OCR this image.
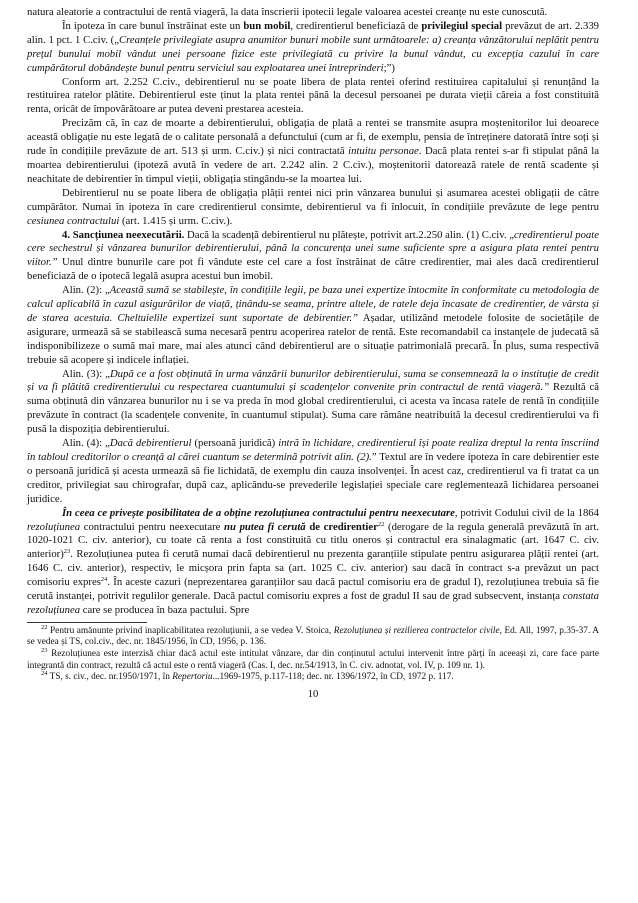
natura aleatorie a contractului de rentă viageră, la data înscrierii ipotecii legale valoarea acestei creanțe nu este cunoscută.

În ipoteza în care bunul înstrăinat este un bun mobil, credirentierul beneficiază de privilegiul special prevăzut de art. 2.339 alin. 1 pct. 1 C.civ. („Creanțele privilegiate asupra anumitor bunuri mobile sunt următoarele: a) creanța vânzătorului neplătit pentru prețul bunului mobil vândut unei persoane fizice este privilegiată cu privire la bunul vândut, cu excepția cazului în care cumpărătorul dobândește bunul pentru serviciul sau exploatarea unei întreprinderi;”)

Conform art. 2.252 C.civ., debirentierul nu se poate libera de plata rentei oferind restituirea capitalului și renunțând la restituirea ratelor plătite. Debirentierul este ținut la plata rentei până la decesul persoanei pe durata vieții căreia a fost constituită renta, oricât de împovărătoare ar putea deveni prestarea acesteia.

Precizăm că, în caz de moarte a debirentierului, obligația de plată a rentei se transmite asupra moștenitorilor lui deoarece această obligație nu este legată de o calitate personală a defunctului (cum ar fi, de exemplu, pensia de întreținere datorată între soți și rude în condițiile prevăzute de art. 513 și urm. C.civ.) și nici contractată intuitu personae. Dacă plata rentei s-ar fi stipulat până la moartea debirentierului (ipoteză avută în vedere de art. 2.242 alin. 2 C.civ.), moștenitorii datorează ratele de rentă scadente și neachitate de debirentier în timpul vieții, obligația stingându-se la moartea lui.

Debirentierul nu se poate libera de obligația plății rentei nici prin vânzarea bunului și asumarea acestei obligații de către cumpărător. Numai în ipoteza în care credirentierul consimte, debirentierul va fi înlocuit, în condițiile prevăzute de lege pentru cesiunea contractului (art. 1.415 și urm. C.civ.).

4. Sancțiunea neexecutării. Dacă la scadență debirentierul nu plătește, potrivit art.2.250 alin. (1) C.civ. „credirentierul poate cere sechestrul și vânzarea bunurilor debirentierului, până la concurența unei sume suficiente spre a asigura plata rentei pentru viitor.” Unul dintre bunurile care pot fi vândute este cel care a fost înstrăinat de către credirentier, mai ales dacă credirentierul beneficiază de o ipotecă legală asupra acestui bun imobil.

Alin. (2): „Această sumă se stabilește, în condițiile legii, pe baza unei expertize întocmite în conformitate cu metodologia de calcul aplicabilă în cazul asigurărilor de viață, ținându-se seama, printre altele, de ratele deja încasate de credirentier, de vârsta și de starea acestuia. Cheltuielile expertizei sunt suportate de debirentier.” Așadar, utilizând metodele folosite de societățile de asigurare, urmează să se stabilească suma necesară pentru acoperirea ratelor de rentă. Este recomandabil ca instanțele de judecată să indisponibilizeze o sumă mai mare, mai ales atunci când debirentierul are o situație patrimonială precară. În plus, suma respectivă trebuie să acopere și indicele inflației.

Alin. (3): „După ce a fost obținută în urma vânzării bunurilor debirentierului, suma se consemnează la o instituție de credit și va fi plătită credirentierului cu respectarea cuantumului și scadențelor convenite prin contractul de rentă viageră.” Rezultă că suma obținută din vânzarea bunurilor nu i se va preda în mod global credirentierului, ci acesta va încasa ratele de rentă în condițiile prevăzute în contract (la scadențele convenite, în cuantumul stipulat). Suma care rămâne neatribuită la decesul credirentierului va fi pusă la dispoziția debirentierului.

Alin. (4): „Dacă debirentierul (persoană juridică) intră în lichidare, credirentierul își poate realiza dreptul la renta înscriind în tabloul creditorilor o creanță al cărei cuantum se determină potrivit alin. (2).” Textul are în vedere ipoteza în care debirentier este o persoană juridică și acesta urmează să fie lichidată, de exemplu din cauza insolvenței. În acest caz, credirentierul va fi tratat ca un creditor, privilegiat sau chirografar, după caz, aplicându-se prevederile legislației speciale care reglementează lichidarea persoanei juridice.

În ceea ce privește posibilitatea de a obține rezoluțiunea contractului pentru neexecutare, potrivit Codului civil de la 1864 rezoluțiunea contractului pentru neexecutare nu putea fi cerută de credirentier$^{22}$ (derogare de la regula generală prevăzută în art. 1020-1021 C. civ. anterior), cu toate că renta a fost constituită cu titlu oneros și contractul era sinalagmatic (art. 1647 C. civ. anterior)$^{23}$. Rezoluțiunea putea fi cerută numai dacă debirentierul nu prezenta garanțiile stipulate pentru asigurarea plății rentei (art. 1646 C. civ. anterior), respectiv, le micșora prin fapta sa (art. 1025 C. civ. anterior) sau dacă în contract s-a prevăzut un pact comisoriu expres$^{24}$. În aceste cazuri (neprezentarea garanțiilor sau dacă pactul comisoriu era de gradul I), rezoluțiunea trebuia să fie cerută instanței, potrivit regulilor generale. Dacă pactul comisoriu expres a fost de gradul II sau de grad subsecvent, instanța constata rezoluțiunea care se producea în baza pactului. Spre

$^{22}$ Pentru amănunte privind inaplicabilitatea rezoluțiunii, a se vedea V. Stoica, Rezoluțiunea și rezilierea contractelor civile, Ed. All, 1997, p.35-37. A se vedea și TS, col.civ., dec. nr. 1845/1956, în CD, 1956, p. 136.

$^{23}$ Rezoluțiunea este interzisă chiar dacă actul este intitulat vânzare, dar din conținutul actului intervenit între părți în aceeași zi, care face parte integrantă din contract, rezultă că actul este o rentă viageră (Cas. I, dec. nr.54/1913, în C. civ. adnotat, vol. IV, p. 109 nr. 1).

$^{24}$ TS, s. civ., dec. nr.1950/1971, în Repertoriu...1969-1975, p.117-118; dec. nr. 1396/1972, în CD, 1972 p. 117.

10
